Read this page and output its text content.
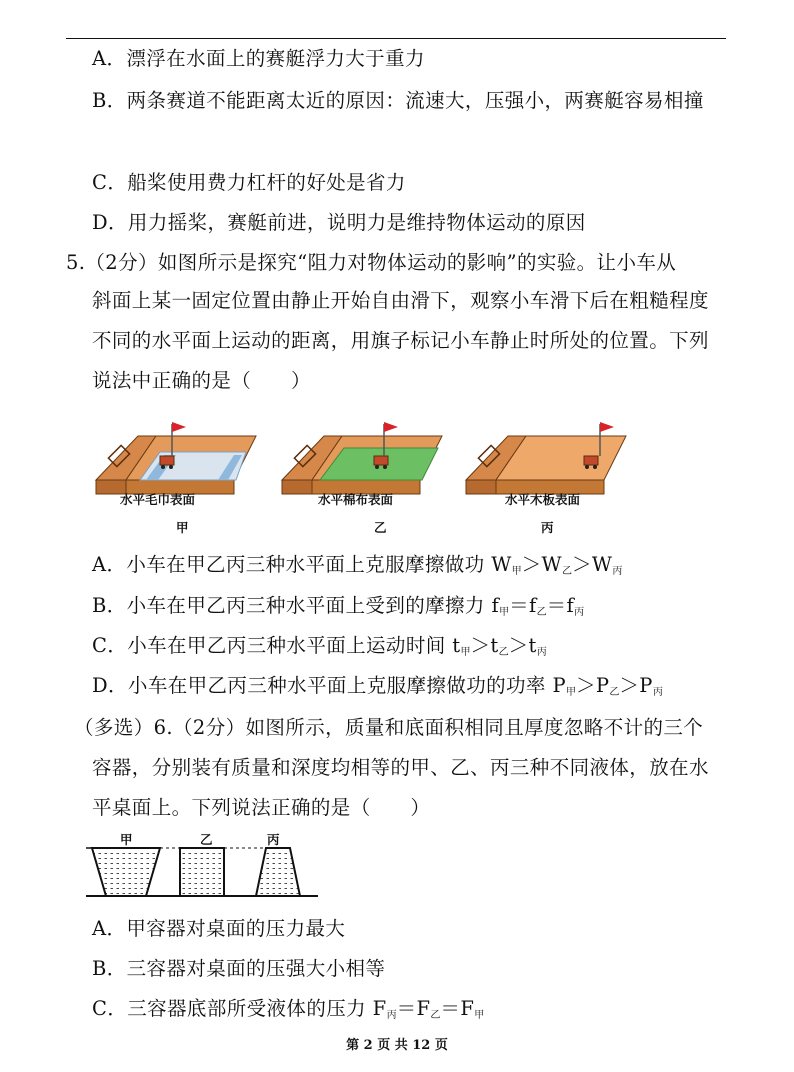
A．漂浮在水面上的赛艇浮力大于重力
B．两条赛道不能距离太近的原因：流速大，压强小，两赛艇容易相撞
C．船桨使用费力杠杆的好处是省力
D．用力摇桨，赛艇前进，说明力是维持物体运动的原因
5.（2分）如图所示是探究“阻力对物体运动的影响”的实验。让小车从
斜面上某一固定位置由静止开始自由滑下，观察小车滑下后在粗糙程度
不同的水平面上运动的距离，用旗子标记小车静止时所处的位置。下列
说法中正确的是（　　）
水平毛巾表面	水平棉布表面	水平木板表面
甲	乙	丙
A．小车在甲乙丙三种水平面上克服摩擦做功 $W_甲>W_乙>W_丙$
B．小车在甲乙丙三种水平面上受到的摩擦力 $f_甲=f_乙=f_丙$
C．小车在甲乙丙三种水平面上运动时间 $t_甲>t_乙>t_丙$
D．小车在甲乙丙三种水平面上克服摩擦做功的功率 $P_甲>P_乙>P_丙$
（多选）6.（2分）如图所示，质量和底面积相同且厚度忽略不计的三个
容器，分别装有质量和深度均相等的甲、乙、丙三种不同液体，放在水
平桌面上。下列说法正确的是（　　）
甲	乙	丙
A．甲容器对桌面的压力最大
B．三容器对桌面的压强大小相等
C．三容器底部所受液体的压力 $F_丙=F_乙=F_甲$
第 2 页 共 12 页
